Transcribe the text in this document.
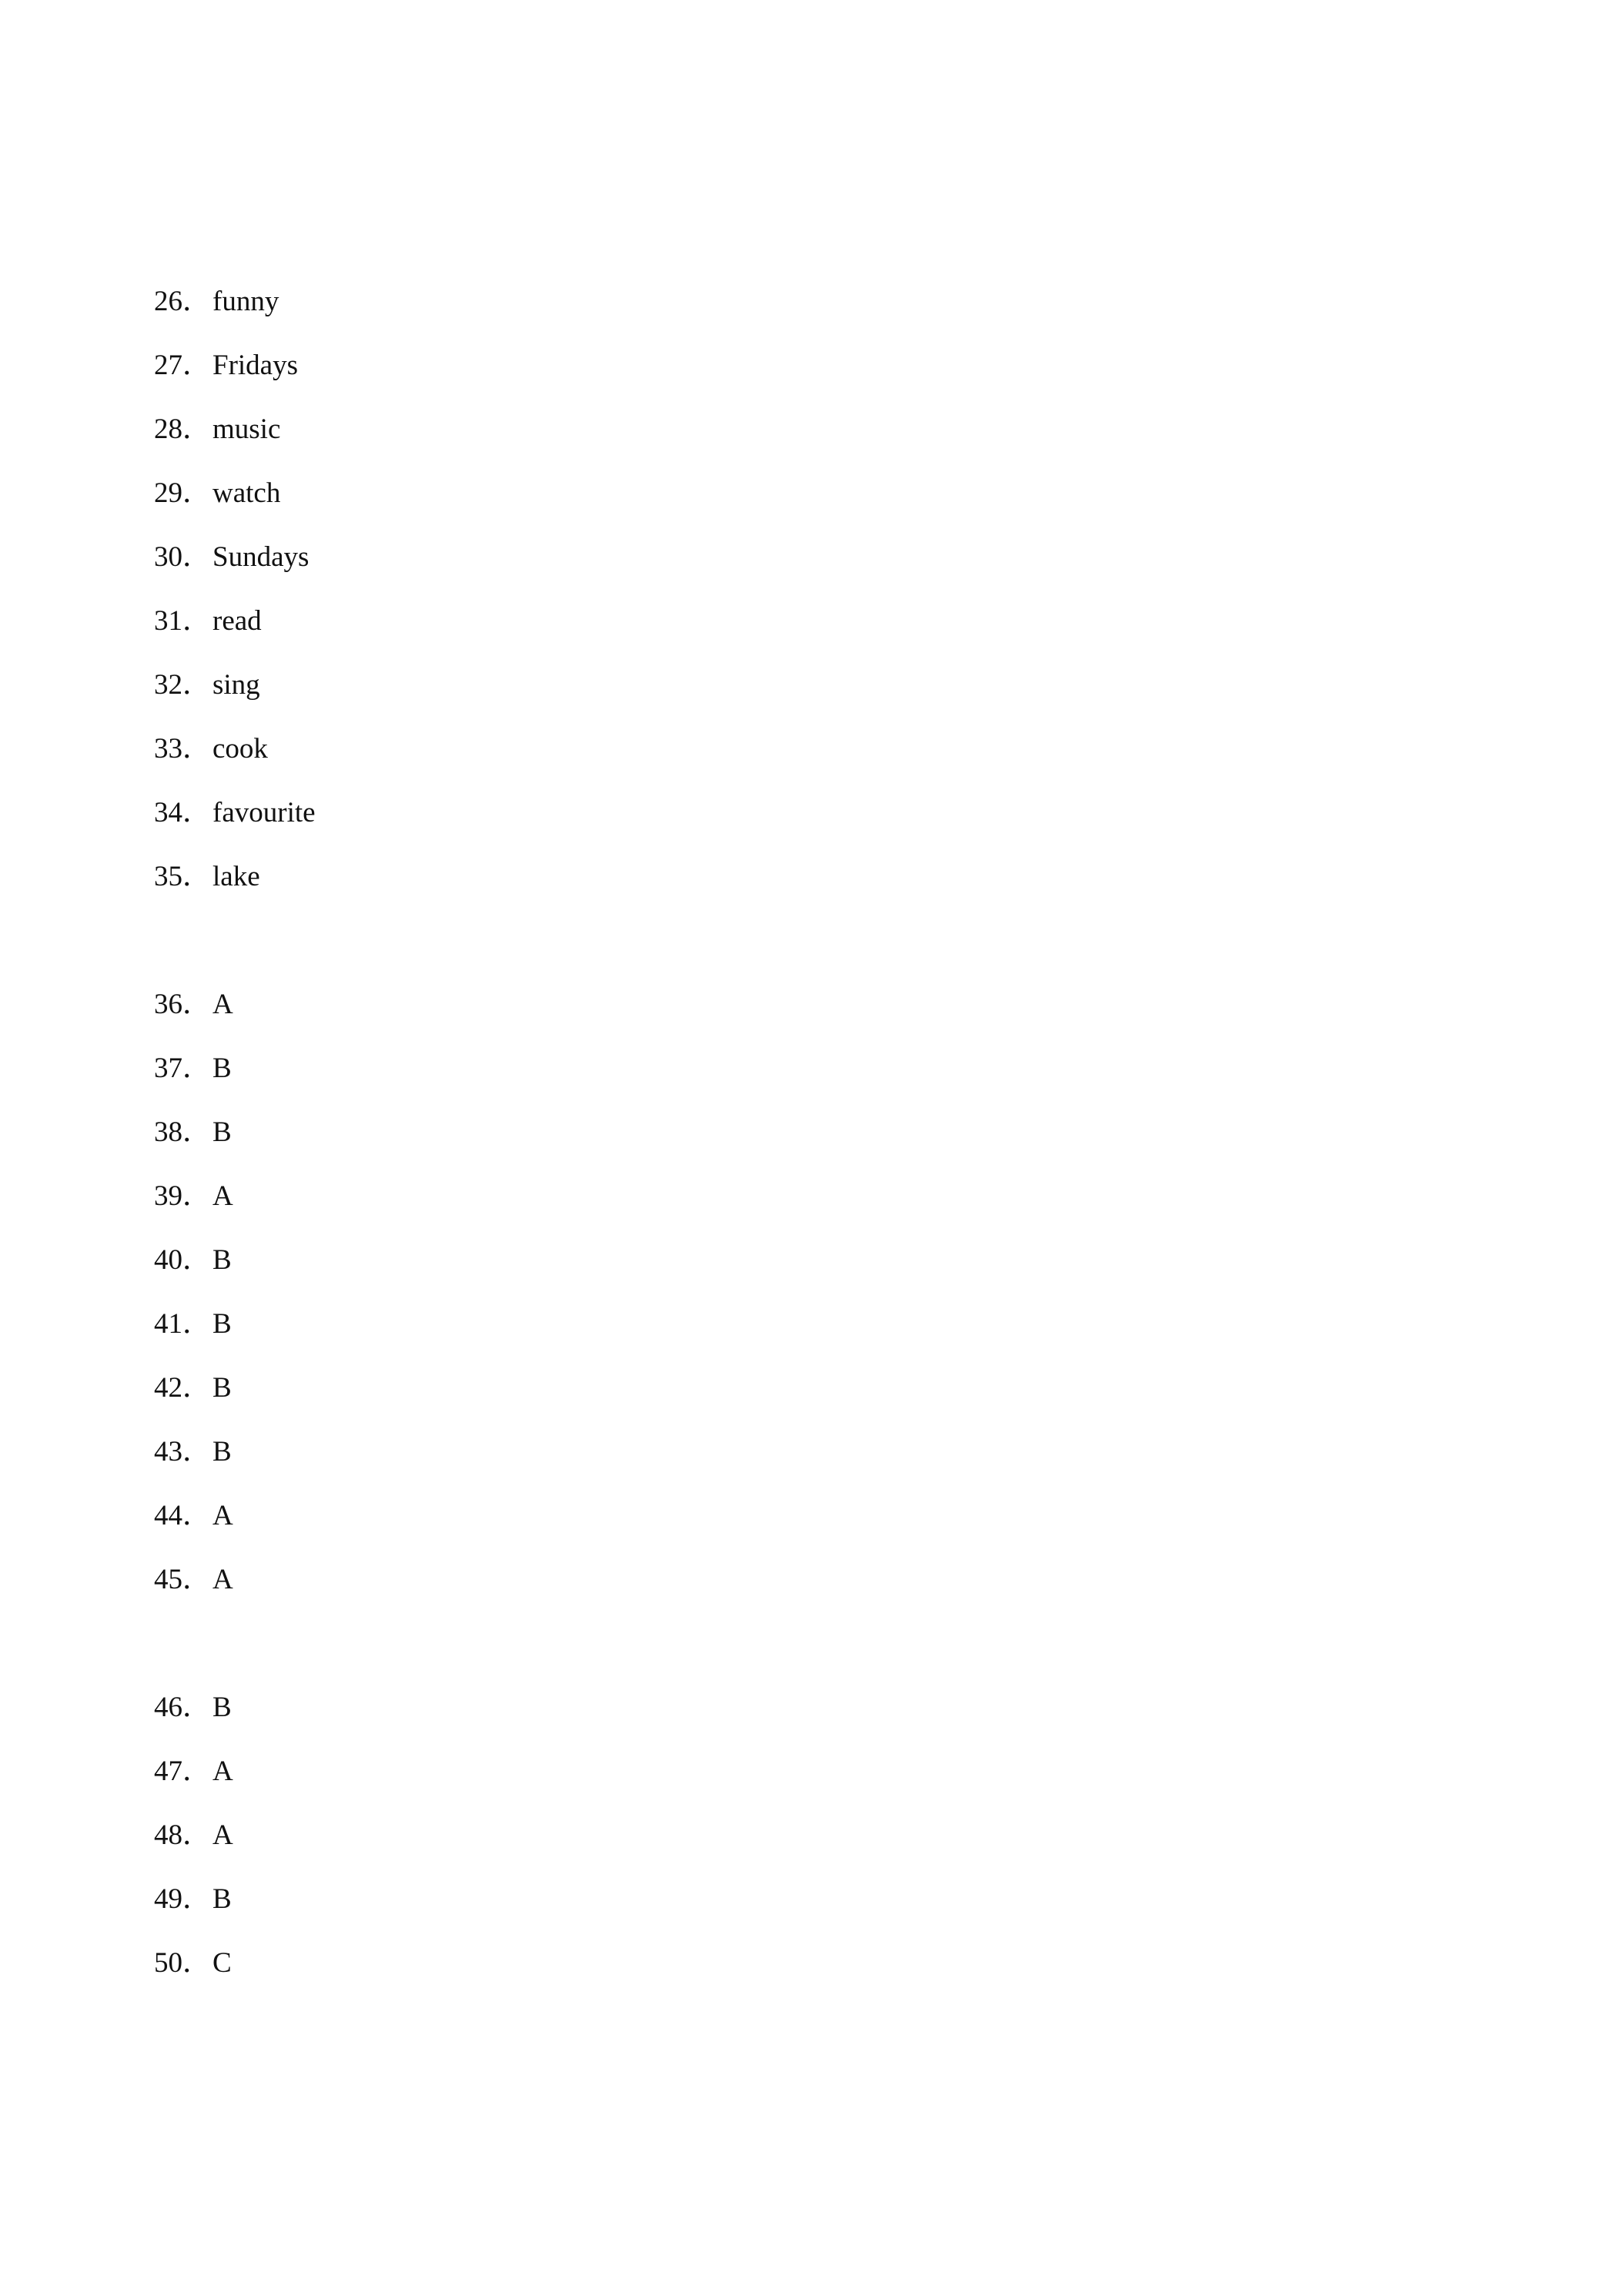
26．funny
27．Fridays
28．music
29．watch
30．Sundays
31．read
32．sing
33．cook
34．favourite
35．lake
36．A
37．B
38．B
39．A
40．B
41．B
42．B
43．B
44．A
45．A
46．B
47．A
48．A
49．B
50．C
